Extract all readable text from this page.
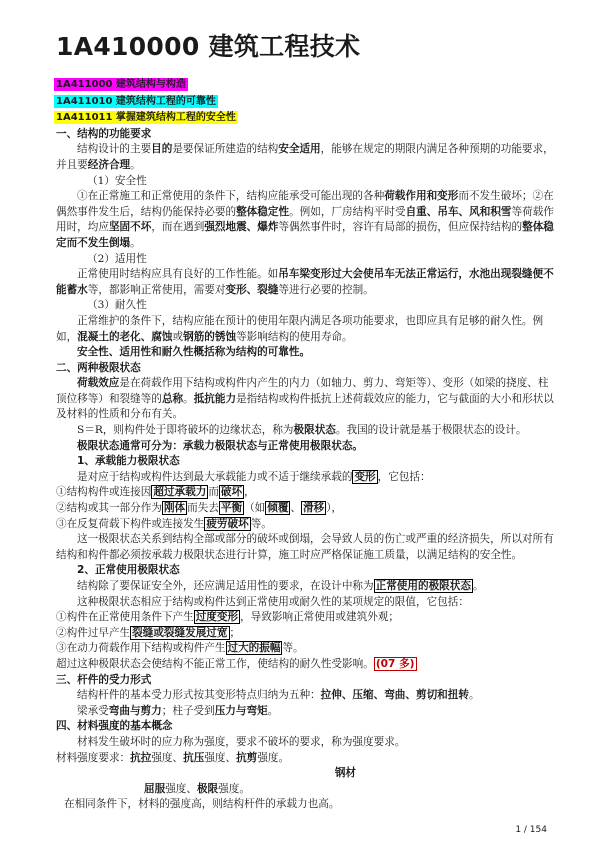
1A410000 建筑工程技术
1A411000 建筑结构与构造
1A411010 建筑结构工程的可靠性
1A411011 掌握建筑结构工程的安全性

一、结构的功能要求

结构设计的主要目的是要保证所建造的结构安全适用，能够在规定的期限内满足各种预期的功能要求，并且要经济合理。

（1）安全性

①在正常施工和正常使用的条件下，结构应能承受可能出现的各种荷载作用和变形而不发生破坏；②在偶然事件发生后，结构仍能保持必要的整体稳定性。例如，厂房结构平时受自重、吊车、风和积雪等荷载作用时，均应坚固不坏，而在遇到强烈地震、爆炸等偶然事件时，容许有局部的损伤，但应保持结构的整体稳定而不发生倒塌。

（2）适用性

正常使用时结构应具有良好的工作性能。如吊车梁变形过大会使吊车无法正常运行，水池出现裂缝便不能蓄水等，都影响正常使用，需要对变形、裂缝等进行必要的控制。

（3）耐久性

正常维护的条件下，结构应能在预计的使用年限内满足各项功能要求，也即应具有足够的耐久性。例如，混凝土的老化、腐蚀或钢筋的锈蚀等影响结构的使用寿命。

安全性、适用性和耐久性概括称为结构的可靠性。

二、两种极限状态

荷载效应是在荷载作用下结构或构件内产生的内力（如轴力、剪力、弯矩等）、变形（如梁的挠度、柱顶位移等）和裂缝等的总称。抵抗能力是指结构或构件抵抗上述荷载效应的能力，它与截面的大小和形状以及材料的性质和分布有关。

S＝R，则构件处于即将破坏的边缘状态，称为极限状态。我国的设计就是基于极限状态的设计。

极限状态通常可分为：承载力极限状态与正常使用极限状态。

1、承载能力极限状态

是对应于结构或构件达到最大承载能力或不适于继续承载的 变形 ，它包括：

①结构构件或连接因 超过承载力 而 破坏 ，

②结构或其一部分作为 刚体 而失去 平衡 （如 倾覆 、 滑移 ），

③在反复荷载下构件或连接发生 疲劳破坏 等。

这一极限状态关系到结构全部或部分的破坏或倒塌，会导致人员的伤亡或严重的经济损失，所以对所有结构和构件都必须按承载力极限状态进行计算，施工时应严格保证施工质量，以满足结构的安全性。

2、正常使用极限状态

结构除了要保证安全外，还应满足适用性的要求，在设计中称为 正常使用的极限状态 。

这种极限状态相应于结构或构件达到正常使用或耐久性的某项规定的限值，它包括：

①构件在正常使用条件下产生 过度变形 ，导致影响正常使用或建筑外观；

②构件过早产生 裂缝或裂缝发展过宽 ；

③在动力荷载作用下结构或构件产生 过大的振幅 等。

超过这种极限状态会使结构不能正常工作，使结构的耐久性受影响。 (07 多)

三、杆件的受力形式

结构杆件的基本受力形式按其变形特点归纳为五种：拉伸、压缩、弯曲、剪切和扭转。

梁承受弯曲与剪力；柱子受到压力与弯矩。

四、材料强度的基本概念

材料发生破坏时的应力称为强度，要求不破坏的要求，称为强度要求。

材料强度要求：抗拉强度、抗压强度、抗剪强度。

钢材

屈服强度、极限强度。

在相同条件下，材料的强度高，则结构杆件的承载力也高。

1 / 154
